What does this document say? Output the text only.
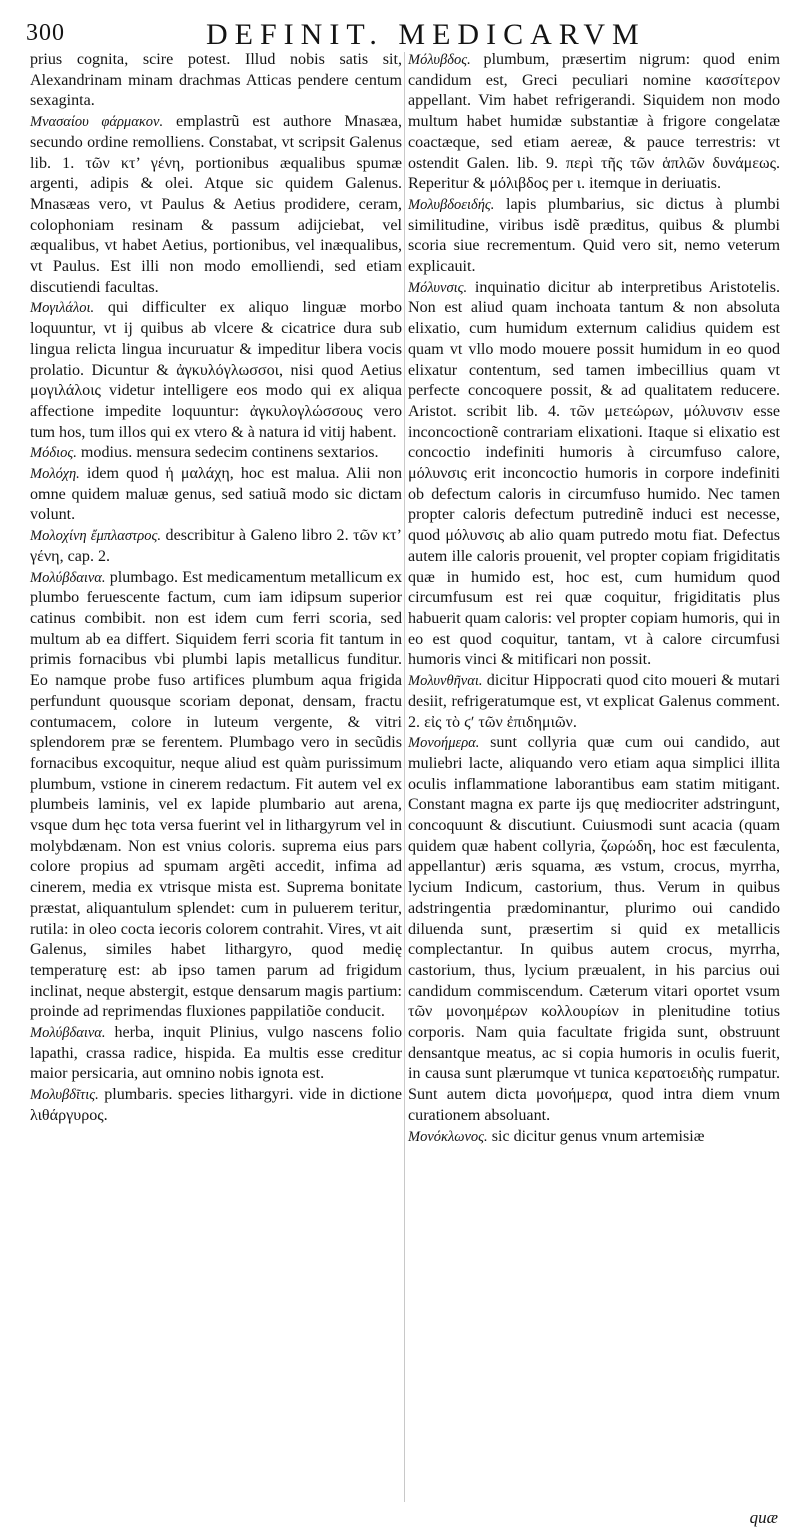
300	DEFINIT. MEDICARVM
prius cognita, scire potest. Illud nobis satis sit, Alexandrinam minam drachmas Atticas pendere centum sexaginta.
Μνασαίου φάρμακον. emplastrũ est authore Mnasæa, secundo ordine remolliens. Constabat, vt scripsit Galenus lib. 1. τῶν κτ’ γένη, portionibus æqualibus spumæ argenti, adipis & olei. Atque sic quidem Galenus. Mnasæas vero, vt Paulus & Aetius prodidere, ceram, colophoniam resinam & passum adijciebat, vel æqualibus, vt habet Aetius, portionibus, vel inæqualibus, vt Paulus. Est illi non modo emolliendi, sed etiam discutiendi facultas.
Μογιλάλοι. qui difficulter ex aliquo linguæ morbo loquuntur, vt ij quibus ab vlcere & cicatrice dura sub lingua relicta lingua incuruatur & impeditur libera vocis prolatio. Dicuntur & ἀγκυλόγλωσσοι, nisi quod Aetius μογιλάλοις videtur intelligere eos modo qui ex aliqua affectione impedite loquuntur: ἀγκυλογλώσσους vero tum hos, tum illos qui ex vtero & à natura id vitij habent.
Μόδιος. modius. mensura sedecim continens sextarios.
Μολόχη. idem quod ἡ μαλάχη, hoc est malua. Alii non omne quidem maluæ genus, sed satiuã modo sic dictam volunt.
Μολοχίνη ἔμπλαστρος. describitur à Galeno libro 2. τῶν κτ’ γένη, cap. 2.
Μολύβδαινα. plumbago. Est medicamentum metallicum ex plumbo feruescente factum, cum iam idipsum superior catinus combibit. non est idem cum ferri scoria, sed multum ab ea differt. Siquidem ferri scoria fit tantum in primis fornacibus vbi plumbi lapis metallicus funditur. Eo namque probe fuso artifices plumbum aqua frigida perfundunt quousque scoriam deponat, densam, fractu contumacem, colore in luteum vergente, & vitri splendorem præ se ferentem. Plumbago vero in secũdis fornacibus excoquitur, neque aliud est quàm purissimum plumbum, vstione in cinerem redactum. Fit autem vel ex plumbeis laminis, vel ex lapide plumbario aut arena, vsque dum hęc tota versa fuerint vel in lithargyrum vel in molybdænam. Non est vnius coloris. suprema eius pars colore propius ad spumam argẽti accedit, infima ad cinerem, media ex vtrisque mista est. Suprema bonitate præstat, aliquantulum splendet: cum in puluerem teritur, rutila: in oleo cocta iecoris colorem contrahit. Vires, vt ait Galenus, similes habet lithargyro, quod medię temperaturę est: ab ipso tamen parum ad frigidum inclinat, neque abstergit, estque densarum magis partium: proinde ad reprimendas fluxiones pappilatiõe conducit.
Μολύβδαινα. herba, inquit Plinius, vulgo nascens folio lapathi, crassa radice, hispida. Ea multis esse creditur maior persicaria, aut omnino nobis ignota est.
Μολυβδῖτις. plumbaris. species lithargyri. vide in dictione λιθάργυρος.
Μόλυβδος. plumbum, præsertim nigrum: quod enim candidum est, Greci peculiari nomine κασσίτερον appellant. Vim habet refrigerandi. Siquidem non modo multum habet humidæ substantiæ à frigore congelatæ coactæque, sed etiam aereæ, & pauce terrestris: vt ostendit Galen. lib. 9. περὶ τῆς τῶν ἁπλῶν δυνάμεως. Reperitur & μόλιβδος per ι. itemque in deriuatis.
Μολυβδοειδής. lapis plumbarius, sic dictus à plumbi similitudine, viribus isdẽ præditus, quibus & plumbi scoria siue recrementum. Quid vero sit, nemo veterum explicauit.
Μόλυνσις. inquinatio dicitur ab interpretibus Aristotelis. Non est aliud quam inchoata tantum & non absoluta elixatio, cum humidum externum calidius quidem est quam vt vllo modo mouere possit humidum in eo quod elixatur contentum, sed tamen imbecillius quam vt perfecte concoquere possit, & ad qualitatem reducere. Aristot. scribit lib. 4. τῶν μετεώρων, μόλυνσιν esse inconcoctionẽ contrariam elixationi. Itaque si elixatio est concoctio indefiniti humoris à circumfuso calore, μόλυνσις erit inconcoctio humoris in corpore indefiniti ob defectum caloris in circumfuso humido. Nec tamen propter caloris defectum putredinẽ induci est necesse, quod μόλυνσις ab alio quam putredo motu fiat. Defectus autem ille caloris prouenit, vel propter copiam frigiditatis quæ in humido est, hoc est, cum humidum quod circumfusum est rei quæ coquitur, frigiditatis plus habuerit quam caloris: vel propter copiam humoris, qui in eo est quod coquitur, tantam, vt à calore circumfusi humoris vinci & mitificari non possit.
Μολυνθῆναι. dicitur Hippocrati quod cito moueri & mutari desiit, refrigeratumque est, vt explicat Galenus comment. 2. εἰς τὸ ϛʹ τῶν ἐπιδημιῶν.
Μονοήμερα. sunt collyria quæ cum oui candido, aut muliebri lacte, aliquando vero etiam aqua simplici illita oculis inflammatione laborantibus eam statim mitigant. Constant magna ex parte ijs quę mediocriter adstringunt, concoquunt & discutiunt. Cuiusmodi sunt acacia (quam quidem quæ habent collyria, ζωρώδη, hoc est fæculenta, appellantur) æris squama, æs vstum, crocus, myrrha, lycium Indicum, castorium, thus. Verum in quibus adstringentia prædominantur, plurimo oui candido diluenda sunt, præsertim si quid ex metallicis complectantur. In quibus autem crocus, myrrha, castorium, thus, lycium præualent, in his parcius oui candidum commiscendum. Cæterum vitari oportet vsum τῶν μονοημέρων κολλουρίων in plenitudine totius corporis. Nam quia facultate frigida sunt, obstruunt densantque meatus, ac si copia humoris in oculis fuerit, in causa sunt plærumque vt tunica κερατοειδὴς rumpatur. Sunt autem dicta μονοήμερα, quod intra diem vnum curationem absoluant.
Μονόκλωνος. sic dicitur genus vnum artemisiæ
quæ
